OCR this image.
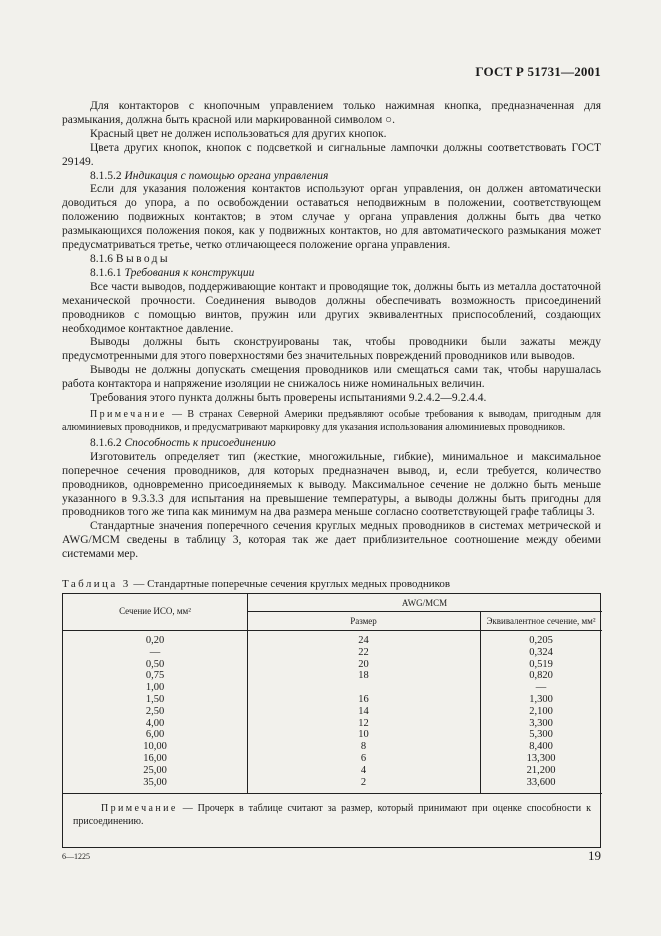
ГОСТ Р 51731—2001

Для контакторов с кнопочным управлением только нажимная кнопка, предназначенная для размыкания, должна быть красной или маркированной символом ○.

Красный цвет не должен использоваться для других кнопок.

Цвета других кнопок, кнопок с подсветкой и сигнальные лампочки должны соответствовать ГОСТ 29149.

8.1.5.2 Индикация с помощью органа управления

Если для указания положения контактов используют орган управления, он должен автоматически доводиться до упора, а по освобождении оставаться неподвижным в положении, соответствующем положению подвижных контактов; в этом случае у органа управления должны быть два четко размыкающихся положения покоя, как у подвижных контактов, но для автоматического размыкания может предусматриваться третье, четко отличающееся положение органа управления.

8.1.6 Выводы

8.1.6.1 Требования к конструкции

Все части выводов, поддерживающие контакт и проводящие ток, должны быть из металла достаточной механической прочности. Соединения выводов должны обеспечивать возможность присоединений проводников с помощью винтов, пружин или других эквивалентных приспособлений, создающих необходимое контактное давление.

Выводы должны быть сконструированы так, чтобы проводники были зажаты между предусмотренными для этого поверхностями без значительных повреждений проводников или выводов.

Выводы не должны допускать смещения проводников или смещаться сами так, чтобы нарушалась работа контактора и напряжение изоляции не снижалось ниже номинальных величин.

Требования этого пункта должны быть проверены испытаниями 9.2.4.2—9.2.4.4.

Примечание — В странах Северной Америки предъявляют особые требования к выводам, пригодным для алюминиевых проводников, и предусматривают маркировку для указания использования алюминиевых проводников.

8.1.6.2 Способность к присоединению

Изготовитель определяет тип (жесткие, многожильные, гибкие), минимальное и максимальное поперечное сечения проводников, для которых предназначен вывод, и, если требуется, количество проводников, одновременно присоединяемых к выводу. Максимальное сечение не должно быть меньше указанного в 9.3.3.3 для испытания на превышение температуры, а выводы должны быть пригодны для проводников того же типа как минимум на два размера меньше согласно соответствующей графе таблицы 3.

Стандартные значения поперечного сечения круглых медных проводников в системах метрической и AWG/MCM сведены в таблицу 3, которая так же дает приблизительное соотношение между обеими системами мер.

Таблица 3 — Стандартные поперечные сечения круглых медных проводников
Сечение ИСО, мм²
AWG/MCM
Размер	Эквивалентное сечение, мм²
0,20
—
0,50
0,75
1,00
1,50
2,50
4,00
6,00
10,00
16,00
25,00
35,00
24
22
20
18

16
14
12
10
8
6
4
2
0,205
0,324
0,519
0,820
—
1,300
2,100
3,300
5,300
8,400
13,300
21,200
33,600
Примечание — Прочерк в таблице считают за размер, который принимают при оценке способности к присоединению.
6—1225	19
